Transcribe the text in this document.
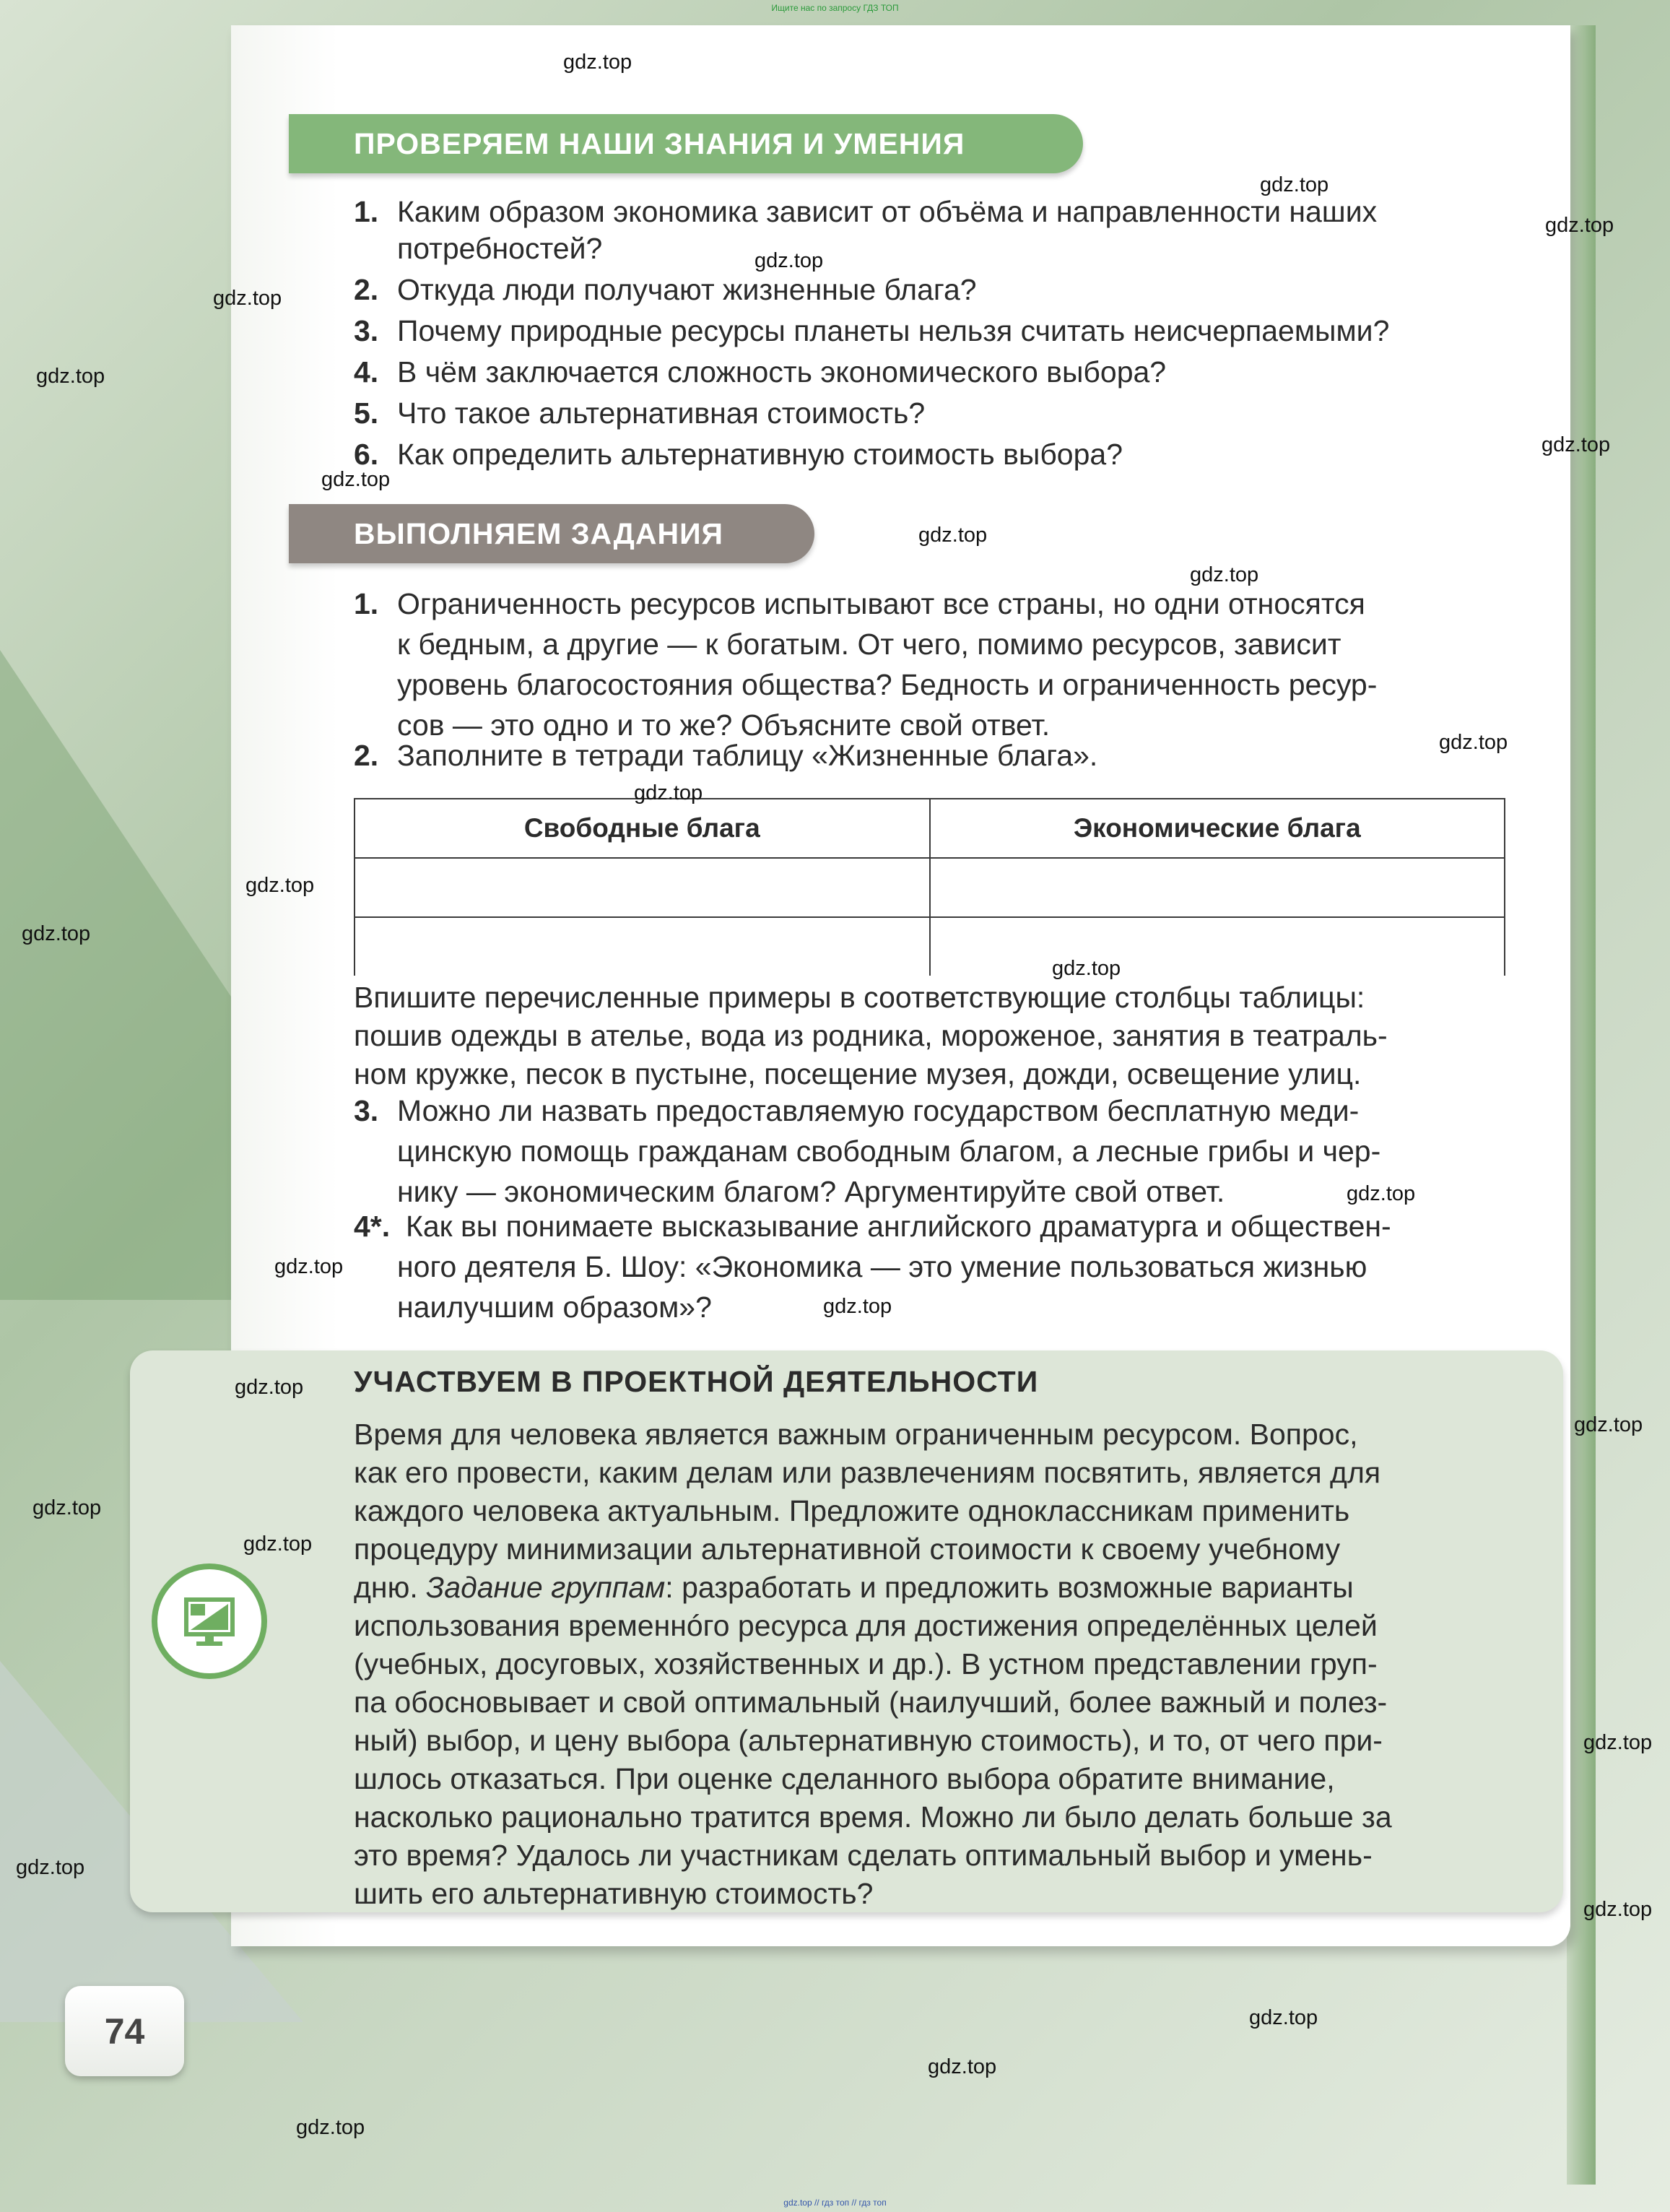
Ищите нас по запросу ГДЗ ТОП
ПРОВЕРЯЕМ НАШИ ЗНАНИЯ И УМЕНИЯ
1. Каким образом экономика зависит от объёма и направленности наших
потребностей?
2. Откуда люди получают жизненные блага?
3. Почему природные ресурсы планеты нельзя считать неисчерпаемыми?
4. В чём заключается сложность экономического выбора?
5. Что такое альтернативная стоимость?
6. Как определить альтернативную стоимость выбора?
ВЫПОЛНЯЕМ ЗАДАНИЯ
1. Ограниченность ресурсов испытывают все страны, но одни относятся
к бедным, а другие — к богатым. От чего, помимо ресурсов, зависит
уровень благосостояния общества? Бедность и ограниченность ресур-
сов — это одно и то же? Объясните свой ответ.
2. Заполните в тетради таблицу «Жизненные блага».
Свободные блага	Экономические блага

Впишите перечисленные примеры в соответствующие столбцы таблицы:
пошив одежды в ателье, вода из родника, мороженое, занятия в театраль-
ном кружке, песок в пустыне, посещение музея, дожди, освещение улиц.
3. Можно ли назвать предоставляемую государством бесплатную меди-
цинскую помощь гражданам свободным благом, а лесные грибы и чер-
нику — экономическим благом? Аргументируйте свой ответ.
4*. Как вы понимаете высказывание английского драматурга и обществен-
ного деятеля Б. Шоу: «Экономика — это умение пользоваться жизнью
наилучшим образом»?
УЧАСТВУЕМ В ПРОЕКТНОЙ ДЕЯТЕЛЬНОСТИ
Время для человека является важным ограниченным ресурсом. Вопрос,
как его провести, каким делам или развлечениям посвятить, является для
каждого человека актуальным. Предложите одноклассникам применить
процедуру минимизации альтернативной стоимости к своему учебному
дню. Задание группам: разработать и предложить возможные варианты
использования временнóго ресурса для достижения определённых целей
(учебных, досуговых, хозяйственных и др.). В устном представлении груп-
па обосновывает и свой оптимальный (наилучший, более важный и полез-
ный) выбор, и цену выбора (альтернативную стоимость), и то, от чего при-
шлось отказаться. При оценке сделанного выбора обратите внимание,
насколько рационально тратится время. Можно ли было делать больше за
это время? Удалось ли участникам сделать оптимальный выбор и умень-
шить его альтернативную стоимость?
74
gdz.top
gdz.top
gdz.top
gdz.top
gdz.top
gdz.top
gdz.top
gdz.top
gdz.top
gdz.top
gdz.top
gdz.top
gdz.top
gdz.top
gdz.top
gdz.top
gdz.top
gdz.top
gdz.top
gdz.top
gdz.top
gdz.top
gdz.top
gdz.top
gdz.top
gdz.top
gdz.top
gdz.top
gdz.top // гдз топ // гдз топ
